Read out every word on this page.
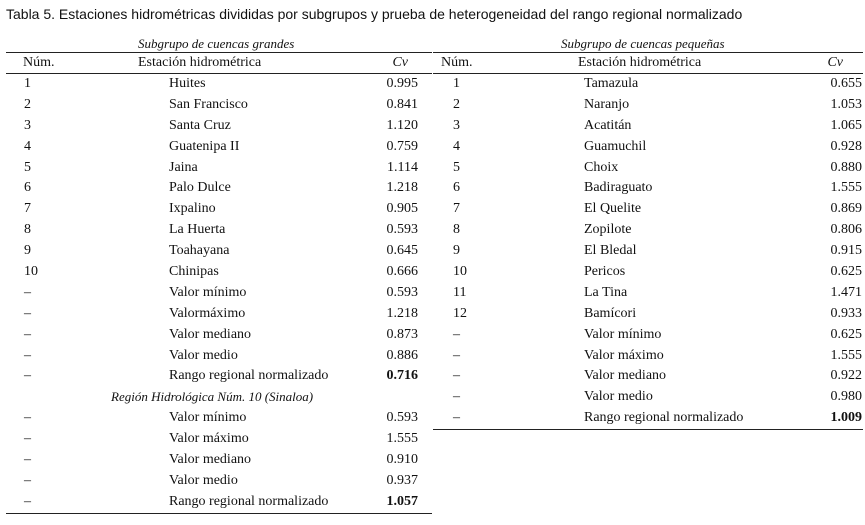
Tabla 5. Estaciones hidrométricas divididas por subgrupos y prueba de heterogeneidad del rango regional normalizado
Subgrupo de cuencas grandes
Núm.	Estación hidrométrica	Cv
1	Huites	0.995
2	San Francisco	0.841
3	Santa Cruz	1.120
4	Guatenipa II	0.759
5	Jaina	1.114
6	Palo Dulce	1.218
7	Ixpalino	0.905
8	La Huerta	0.593
9	Toahayana	0.645
10	Chinipas	0.666
–	Valor mínimo	0.593
–	Valormáximo	1.218
–	Valor mediano	0.873
–	Valor medio	0.886
–	Rango regional normalizado	0.716
Región Hidrológica Núm. 10 (Sinaloa)
–	Valor mínimo	0.593
–	Valor máximo	1.555
–	Valor mediano	0.910
–	Valor medio	0.937
–	Rango regional normalizado	1.057
Subgrupo de cuencas pequeñas
Núm.	Estación hidrométrica	Cv
1	Tamazula	0.655
2	Naranjo	1.053
3	Acatitán	1.065
4	Guamuchil	0.928
5	Choix	0.880
6	Badiraguato	1.555
7	El Quelite	0.869
8	Zopilote	0.806
9	El Bledal	0.915
10	Pericos	0.625
11	La Tina	1.471
12	Bamícori	0.933
–	Valor mínimo	0.625
–	Valor máximo	1.555
–	Valor mediano	0.922
–	Valor medio	0.980
–	Rango regional normalizado	1.009
